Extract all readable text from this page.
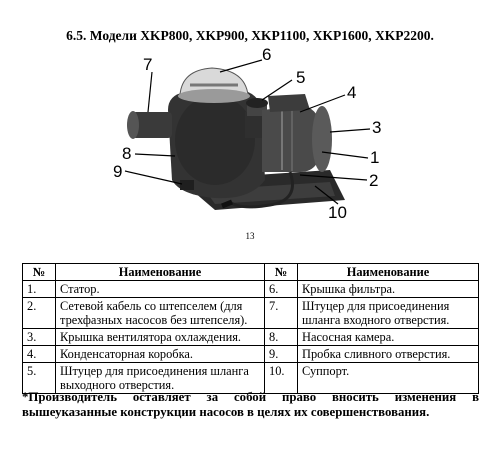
6.5. Модели XKP800, XKP900, XKP1100, XKP1600, XKP2200.
7
6
5
4
3
8	1
9	2
10
13
№	Наименование	№	Наименование
1.	Статор.	6.	Крышка фильтра.
2.	Сетевой кабель со штепселем (для трехфазных насосов без штепселя).	7.	Штуцер для присоединения шланга входного отверстия.
3.	Крышка вентилятора охлаждения.	8.	Насосная камера.
4.	Конденсаторная коробка.	9.	Пробка сливного отверстия.
5.	Штуцер для присоединения шланга выходного отверстия.	10.	Суппорт.
*Производитель оставляет за собой право вносить изменения в
вышеуказанные конструкции насосов в целях их совершенствования.
